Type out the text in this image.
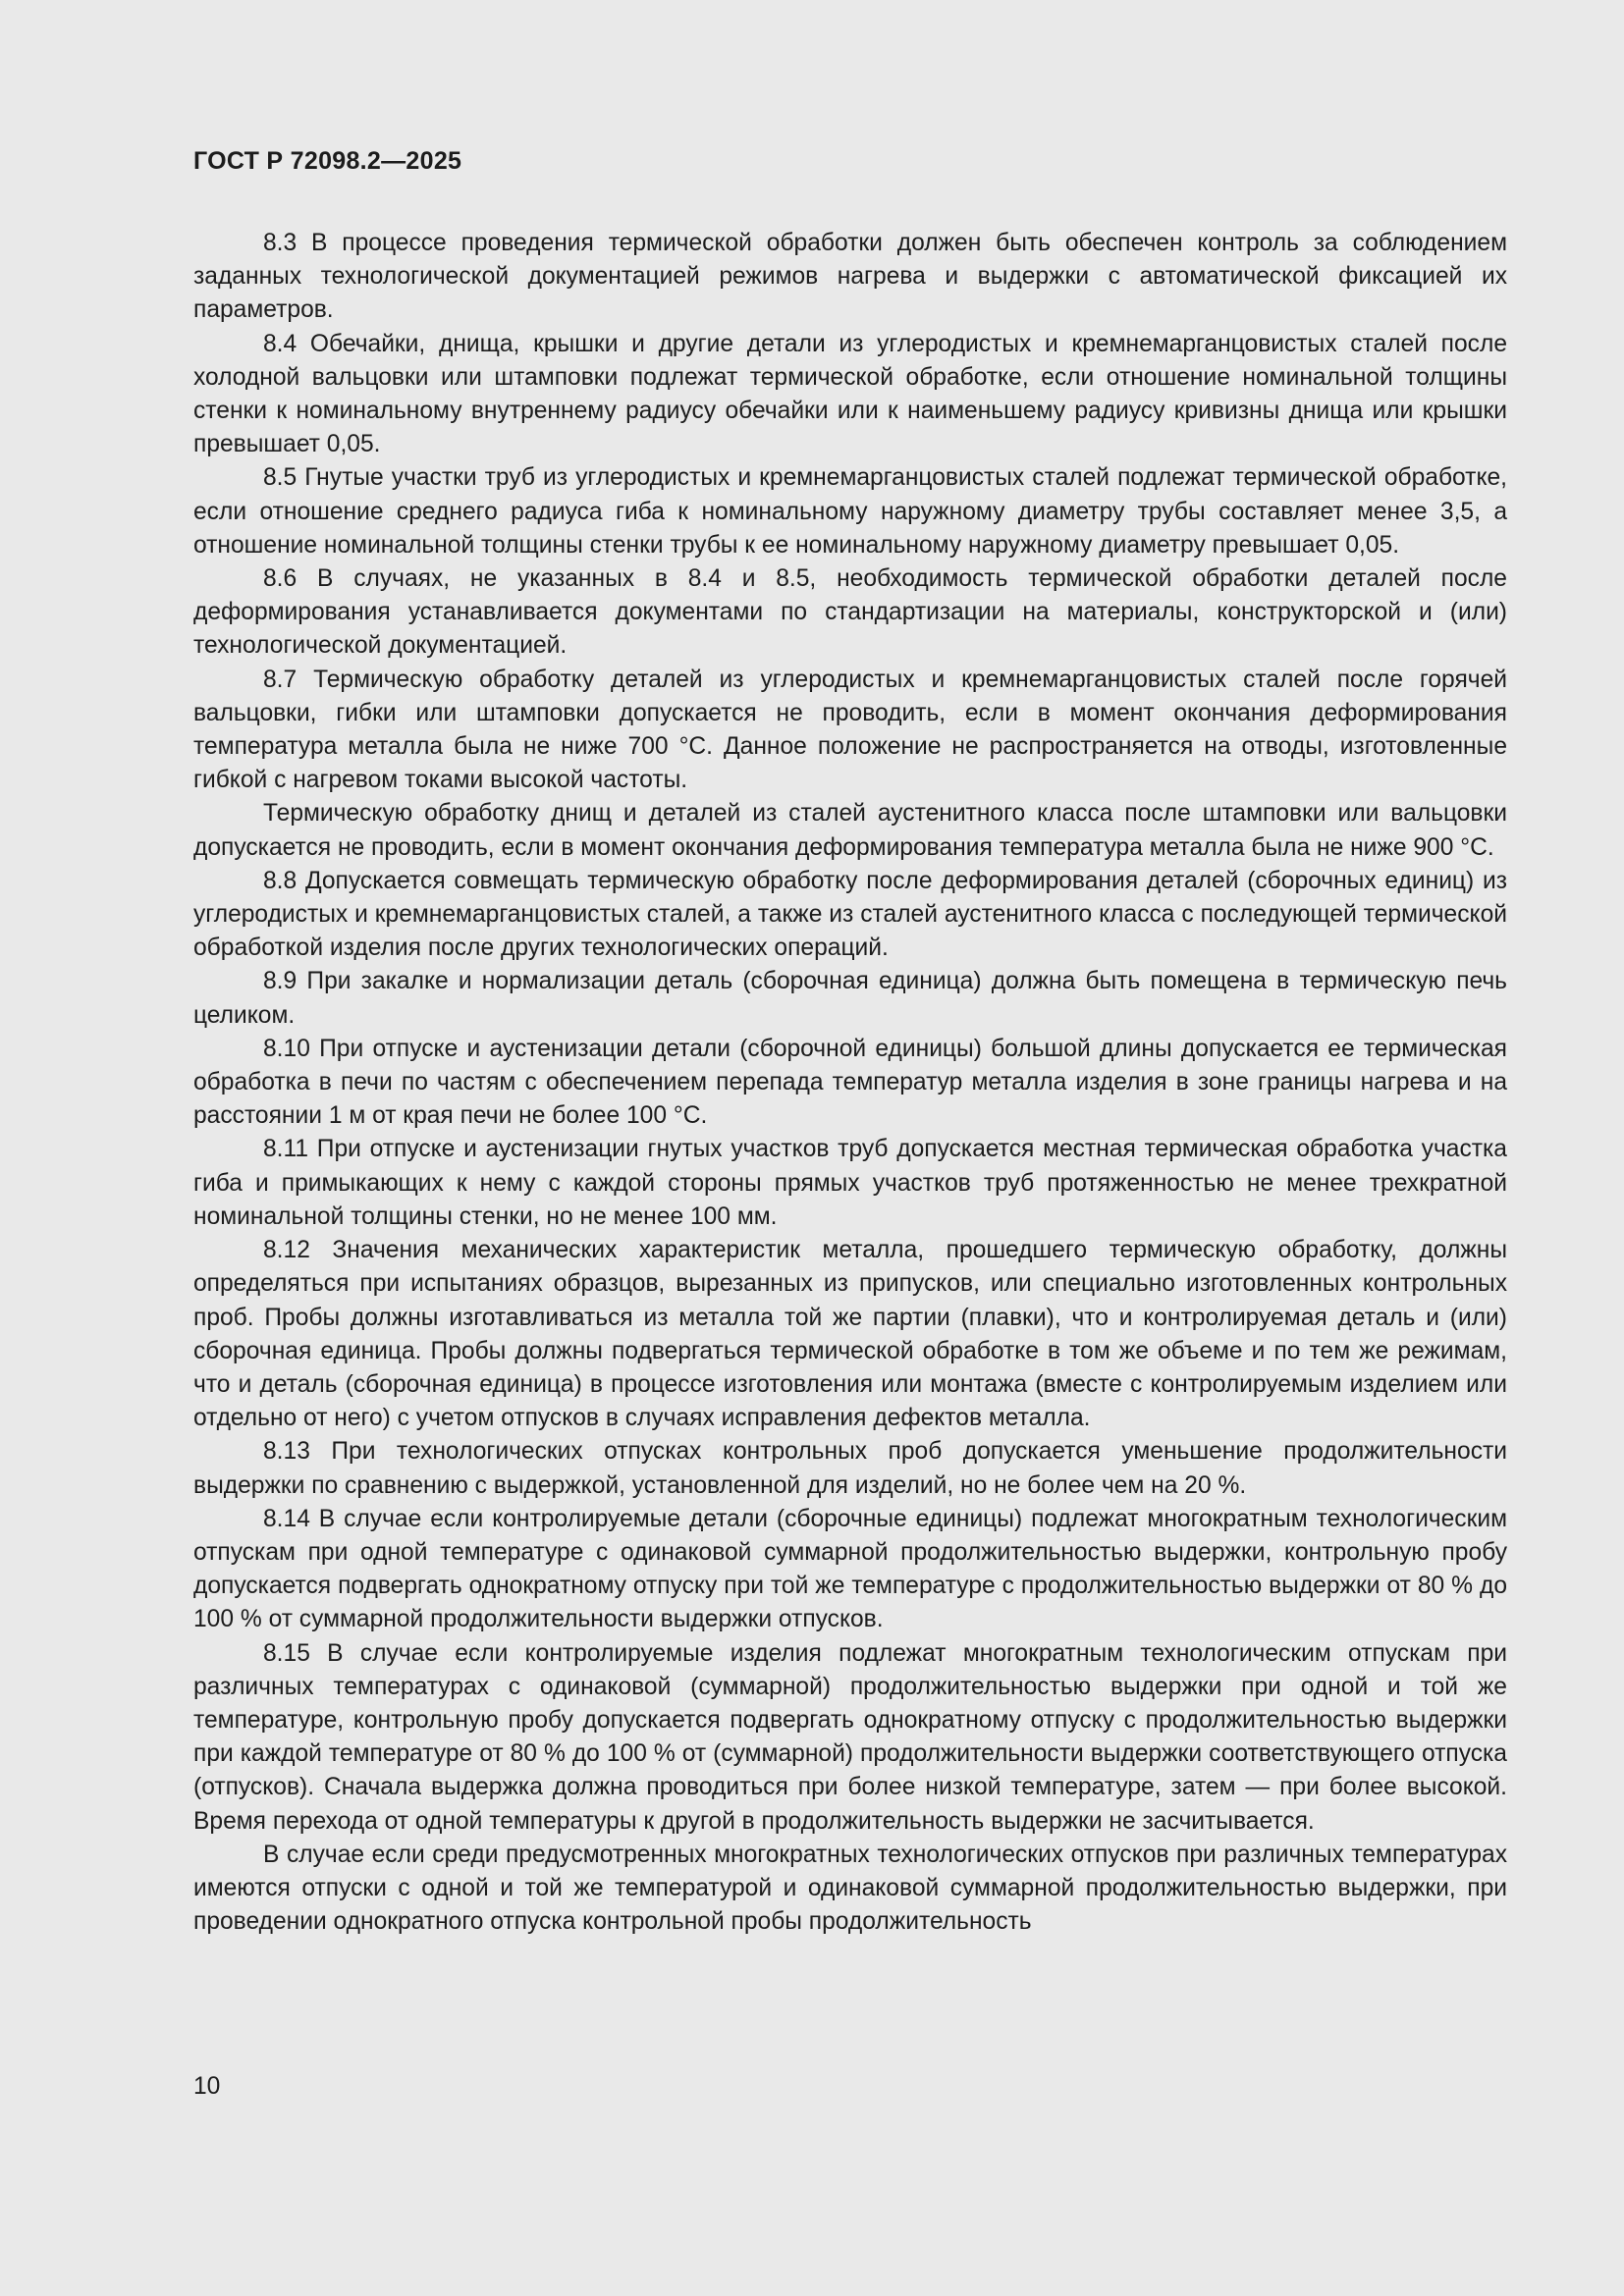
ГОСТ Р 72098.2—2025

8.3 В процессе проведения термической обработки должен быть обеспечен контроль за соблюдением заданных технологической документацией режимов нагрева и выдержки с автоматической фиксацией их параметров.

8.4 Обечайки, днища, крышки и другие детали из углеродистых и кремнемарганцовистых сталей после холодной вальцовки или штамповки подлежат термической обработке, если отношение номинальной толщины стенки к номинальному внутреннему радиусу обечайки или к наименьшему радиусу кривизны днища или крышки превышает 0,05.

8.5 Гнутые участки труб из углеродистых и кремнемарганцовистых сталей подлежат термической обработке, если отношение среднего радиуса гиба к номинальному наружному диаметру трубы составляет менее 3,5, а отношение номинальной толщины стенки трубы к ее номинальному наружному диаметру превышает 0,05.

8.6 В случаях, не указанных в 8.4 и 8.5, необходимость термической обработки деталей после деформирования устанавливается документами по стандартизации на материалы, конструкторской и (или) технологической документацией.

8.7 Термическую обработку деталей из углеродистых и кремнемарганцовистых сталей после горячей вальцовки, гибки или штамповки допускается не проводить, если в момент окончания деформирования температура металла была не ниже 700 °С. Данное положение не распространяется на отводы, изготовленные гибкой с нагревом токами высокой частоты.

Термическую обработку днищ и деталей из сталей аустенитного класса после штамповки или вальцовки допускается не проводить, если в момент окончания деформирования температура металла была не ниже 900 °С.

8.8 Допускается совмещать термическую обработку после деформирования деталей (сборочных единиц) из углеродистых и кремнемарганцовистых сталей, а также из сталей аустенитного класса с последующей термической обработкой изделия после других технологических операций.

8.9 При закалке и нормализации деталь (сборочная единица) должна быть помещена в термическую печь целиком.

8.10 При отпуске и аустенизации детали (сборочной единицы) большой длины допускается ее термическая обработка в печи по частям с обеспечением перепада температур металла изделия в зоне границы нагрева и на расстоянии 1 м от края печи не более 100 °С.

8.11 При отпуске и аустенизации гнутых участков труб допускается местная термическая обработка участка гиба и примыкающих к нему с каждой стороны прямых участков труб протяженностью не менее трехкратной номинальной толщины стенки, но не менее 100 мм.

8.12 Значения механических характеристик металла, прошедшего термическую обработку, должны определяться при испытаниях образцов, вырезанных из припусков, или специально изготовленных контрольных проб. Пробы должны изготавливаться из металла той же партии (плавки), что и контролируемая деталь и (или) сборочная единица. Пробы должны подвергаться термической обработке в том же объеме и по тем же режимам, что и деталь (сборочная единица) в процессе изготовления или монтажа (вместе с контролируемым изделием или отдельно от него) с учетом отпусков в случаях исправления дефектов металла.

8.13 При технологических отпусках контрольных проб допускается уменьшение продолжительности выдержки по сравнению с выдержкой, установленной для изделий, но не более чем на 20 %.

8.14 В случае если контролируемые детали (сборочные единицы) подлежат многократным технологическим отпускам при одной температуре с одинаковой суммарной продолжительностью выдержки, контрольную пробу допускается подвергать однократному отпуску при той же температуре с продолжительностью выдержки от 80 % до 100 % от суммарной продолжительности выдержки отпусков.

8.15 В случае если контролируемые изделия подлежат многократным технологическим отпускам при различных температурах с одинаковой (суммарной) продолжительностью выдержки при одной и той же температуре, контрольную пробу допускается подвергать однократному отпуску с продолжительностью выдержки при каждой температуре от 80 % до 100 % от (суммарной) продолжительности выдержки соответствующего отпуска (отпусков). Сначала выдержка должна проводиться при более низкой температуре, затем — при более высокой. Время перехода от одной температуры к другой в продолжительность выдержки не засчитывается.

В случае если среди предусмотренных многократных технологических отпусков при различных температурах имеются отпуски с одной и той же температурой и одинаковой суммарной продолжительностью выдержки, при проведении однократного отпуска контрольной пробы продолжительность

10
